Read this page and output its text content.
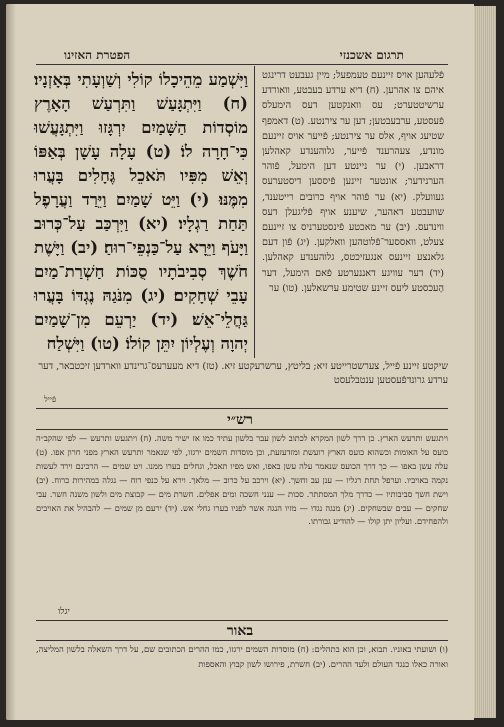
הפטרת האזינו	תרגום אשכנזי

וַיִּשְׁמַע מֵהֵיכָלוֹ קוֹלִי וְשַׁוְעָתִי בְּאָזְנָיו׃ (ח) וַיִּתְגָּעַשׁ וַתִּרְעַשׁ הָאָרֶץ מוֹסְדוֹת הַשָּׁמַיִם יִרְגָּזוּ וַיִּתְגָּעֲשׁוּ כִּי־חָרָה לוֹ׃ (ט) עָלָה עָשָׁן בְּאַפּוֹ וְאֵשׁ מִפִּיו תֹּאכֵל גֶּחָלִים בָּעֲרוּ מִמֶּנּוּ׃ (י) וַיֵּט שָׁמַיִם וַיֵּרַד וַעֲרָפֶל תַּחַת רַגְלָיו׃ (יא) וַיִּרְכַּב עַל־כְּרוּב וַיָּעֹף וַיֵּרָא עַל־כַּנְפֵי־רוּחַ׃ (יב) וַיָּשֶׁת חֹשֶׁךְ סְבִיבֹתָיו סֻכּוֹת חַשְׁרַת־מַיִם עָבֵי שְׁחָקִים׃ (יג) מִנֹּגַהּ נֶגְדּוֹ בָּעֲרוּ גַּחֲלֵי־אֵשׁ׃ (יד) יַרְעֵם מִן־שָׁמַיִם יְהוָה וְעֶלְיוֹן יִתֵּן קוֹלוֹ׃ (טו) וַיִּשְׁלַח

פֿלעהען אויס זיינעם טעמפעל; מיין געבעט דרינגט איהם צו אהרען. (ח) דיא ערדע בעבטע, וואורדע ערשיטטערט; עס וואנקטען דעס הימעלס פֿעסטע, ערבעבטען; דען ער צירנטע. (ט) דאמפף שטיעג אויף, אלס ער צירנטע; פֿייער אויס זיינעם מונדע, צעהרענד פֿייער, גלוהענדע קאהלען דראבען. (י) ער ניינטע דען הימעל, פֿוהר הערנידער; אונטער זיינען פֿיססען דיסטערעס געוועלק. (יא) ער פֿוהר אויף כרובים רייטענד, שוועבטע דאהער, שיענע אויף פֿליגעלן דעס ווינדעס. (יב) ער מאכטע פֿינסטערניס צו זיינעם צעלט, וואססער־פֿלוטהען וואלקען. (יג) פֿון דעם גלאנצע זיינעס אנגעזיכטס, גלוהענדע קאהלען. (יד) דער עוויגע דאננערטע פֿאם הימעל, דער הָעכסטע ליעס זיינע שטימע ערשאלען. (טו) ער

שיקטע זיינע פֿייל, צערשטרייטע זיא; בליטץ, ערשרעקטע זיא. (טז) דיא מעערעס־גרינדע ווארדען זיכטבאר, דער ערדע גרונדפֿעסטען ענטבלעסט

פֿייל
רש״י

ויתגעש ותרעש הארץ. כן דרך לשון המקרא לכתוב לשון עבר בלשון עתיד כמו אז ישיר משה. (ח) ויתגעש ותרעש — לפי שהקב״ה כועס על האומות וכשהוא כועס הארץ רועשת ומזדעזעת, וכן מוסדות השמים ירגזו, לפי שנאמר ותרעש הארץ מפני חרון אפו. (ט) עלה עשן באפו — כך דרך הכועס שנאמר עלה עשן באפו, ואש מפיו תאכל, וגחלים בערו ממנו. ויט שמים — הרכינם וירד לעשות נקמה באויביו. וערפל תחת רגליו — ענן עב וחשך. (יא) וירכב על כרוב — מלאך. וירא על כנפי רוח — נגלה במהירות כרוח. (יב) וישת חשך סביבותיו — כדרך מלך המסתתר. סכות — ענני חשכה ומים אפלים. חשרת מים — קבוצת מים ולשון משנה חשר. עבי שחקים — עבים שבשחקים. (יג) מנגה נגדו — מזיו הנגה אשר לפניו בערו גחלי אש. (יד) ירעם מן שמים — להבהיל את האויבים ולהפחידם. ועליון יתן קולו — להודיע גבורתו.

יגלו
באור

(ו) ושועתי באזניו. תבוא, וכן הוא בתהלים: (ח) מוסדות השמים ירגזו, כמו ההרים הכתובים שם, על דרך השאלה בלשון המליצה, ואורה כאלו כנגד העולם ולעד ההרים. (יב) חשרת, פירושו לשון קבוץ והאספות
